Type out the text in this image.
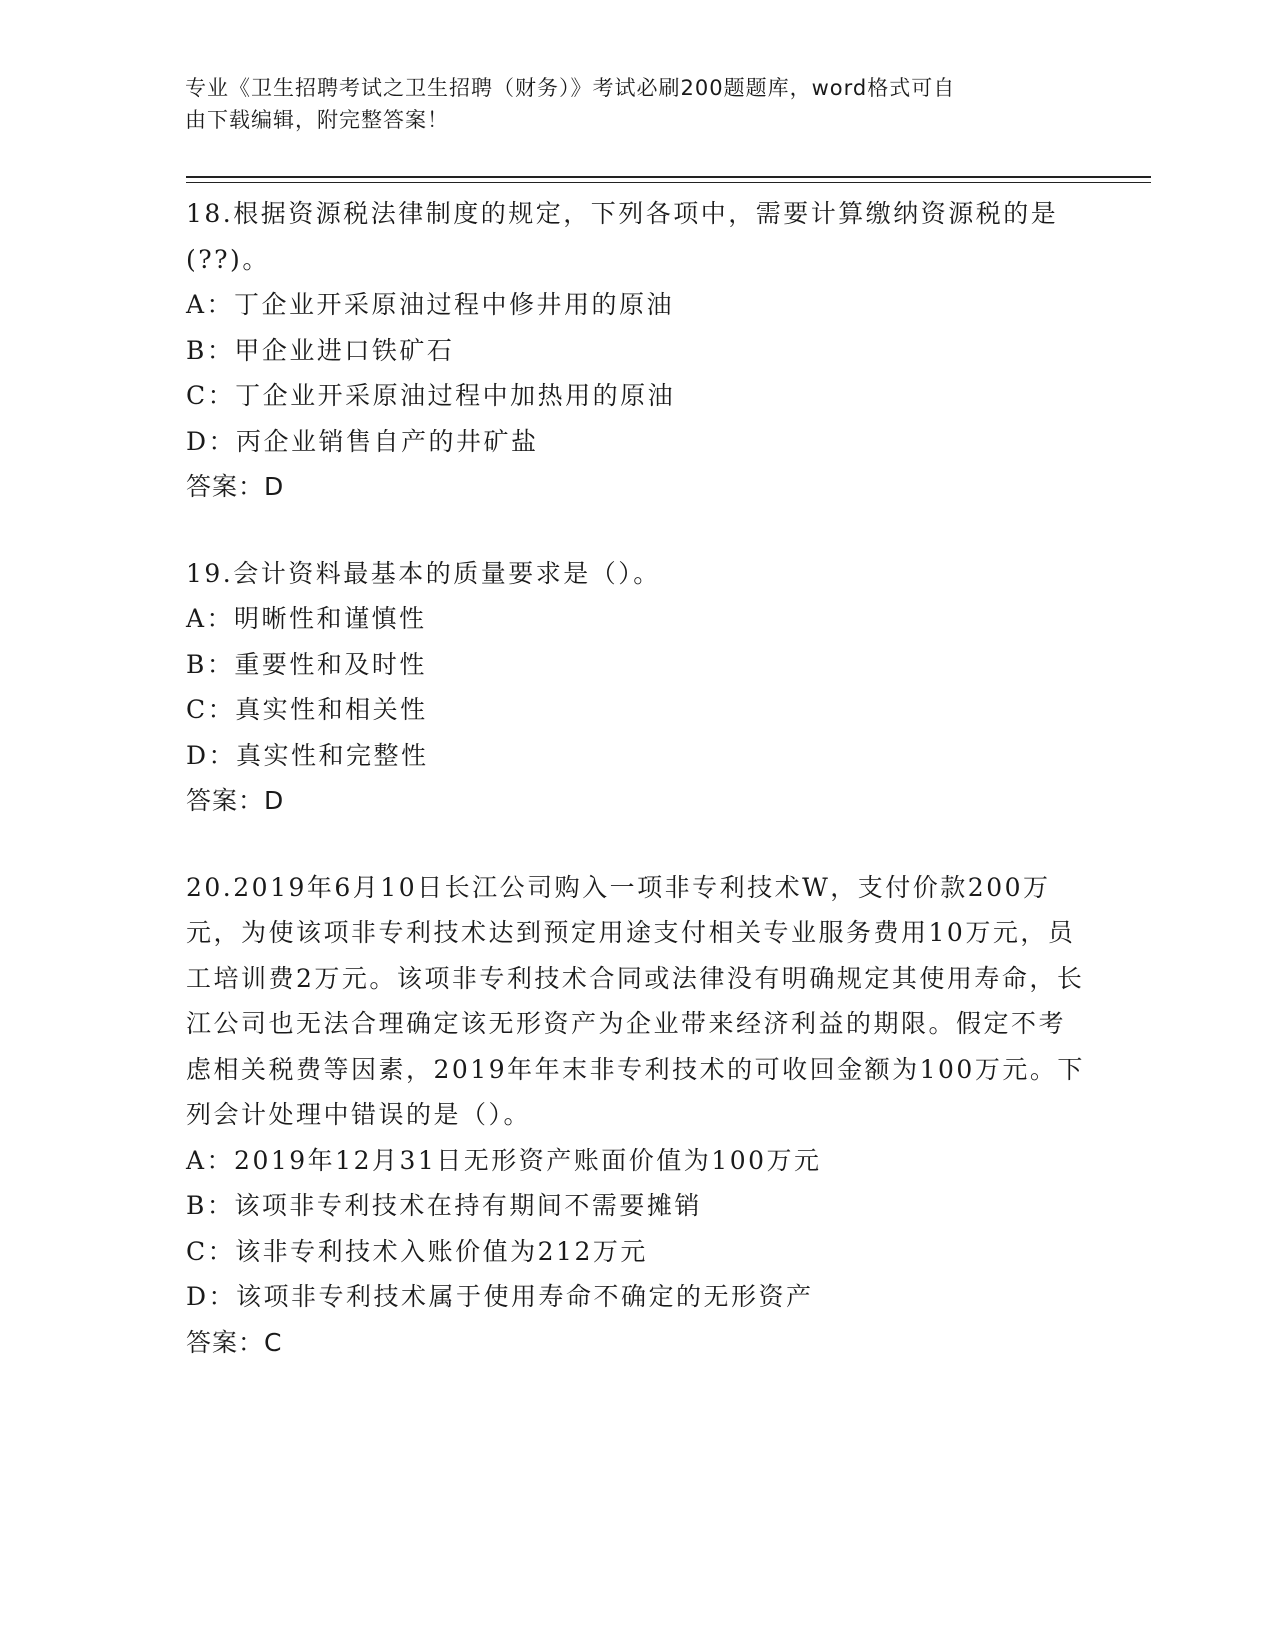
专业《卫生招聘考试之卫生招聘（财务）》考试必刷200题题库，word格式可自
由下载编辑，附完整答案！

18.根据资源税法律制度的规定，下列各项中，需要计算缴纳资源税的是(??)。

A：丁企业开采原油过程中修井用的原油

B：甲企业进口铁矿石

C：丁企业开采原油过程中加热用的原油

D：丙企业销售自产的井矿盐

答案：D

19.会计资料最基本的质量要求是（）。

A：明晰性和谨慎性

B：重要性和及时性

C：真实性和相关性

D：真实性和完整性

答案：D

20.2019年6月10日长江公司购入一项非专利技术W，支付价款200万元，为使该项非专利技术达到预定用途支付相关专业服务费用10万元，员工培训费2万元。该项非专利技术合同或法律没有明确规定其使用寿命，长江公司也无法合理确定该无形资产为企业带来经济利益的期限。假定不考虑相关税费等因素，2019年年末非专利技术的可收回金额为100万元。下列会计处理中错误的是（）。

A：2019年12月31日无形资产账面价值为100万元

B：该项非专利技术在持有期间不需要摊销

C：该非专利技术入账价值为212万元

D：该项非专利技术属于使用寿命不确定的无形资产

答案：C
